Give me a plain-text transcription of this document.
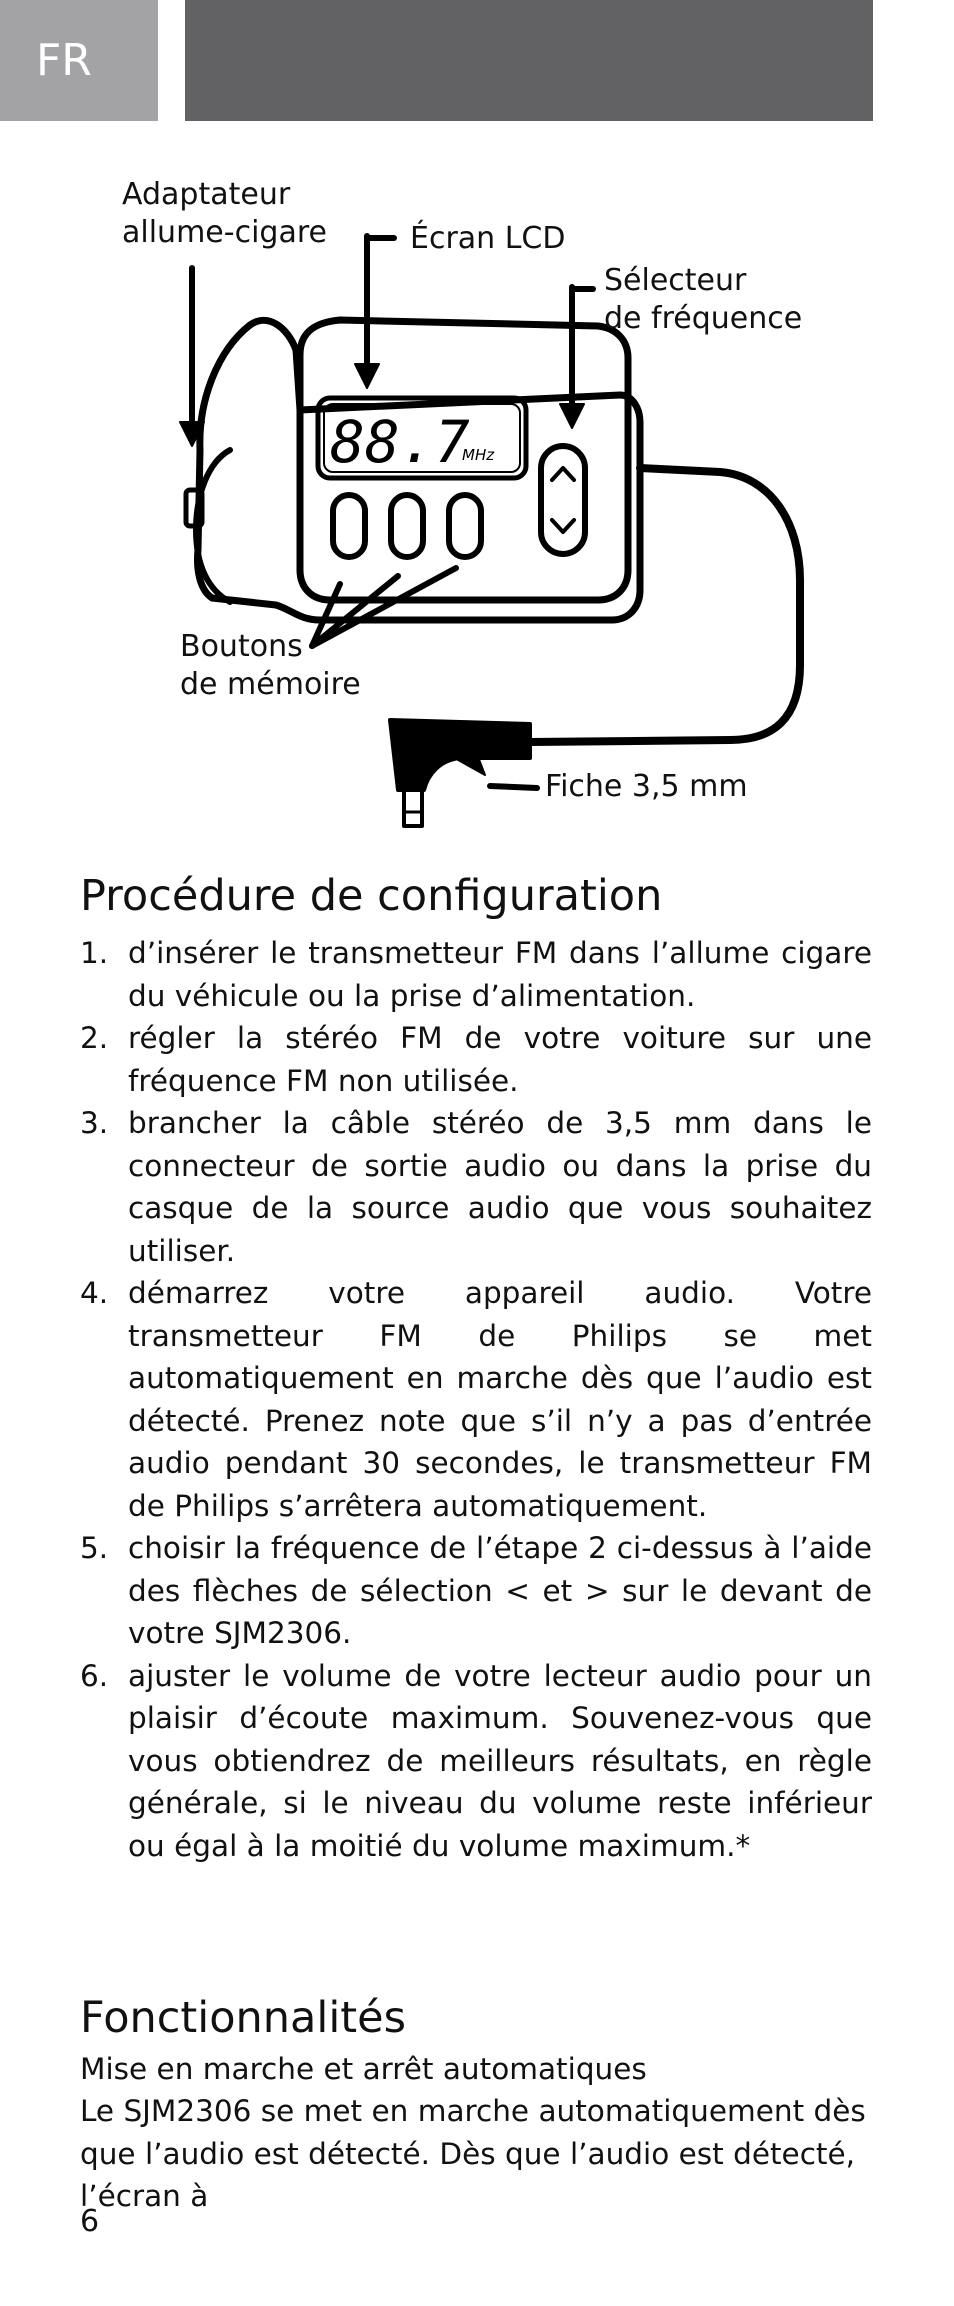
FR
88.7
MHz
Adaptateur
allume-cigare	Écran LCD
Sélecteur
de fréquence
Boutons
de mémoire
Fiche 3,5 mm
Procédure de configuration
1. d’insérer le transmetteur FM dans l’allume cigare du véhicule ou la prise d’alimentation.
2. régler la stéréo FM de votre voiture sur une fréquence FM non utilisée.
3. brancher la câble stéréo de 3,5 mm dans le connecteur de sortie audio ou dans la prise du casque de la source audio que vous souhaitez utiliser.
4. démarrez votre appareil audio. Votre transmetteur FM de Philips se met automatiquement en marche dès que l’audio est détecté. Prenez note que s’il n’y a pas d’entrée audio pendant 30 secondes, le transmetteur FM de Philips s’arrêtera automatiquement.
5. choisir la fréquence de l’étape 2 ci-dessus à l’aide des flèches de sélection < et > sur le devant de votre SJM2306.
6. ajuster le volume de votre lecteur audio pour un plaisir d’écoute maximum. Souvenez-vous que vous obtiendrez de meilleurs résultats, en règle générale, si le niveau du volume reste inférieur ou égal à la moitié du volume maximum.*
Fonctionnalités

Mise en marche et arrêt automatiques

Le SJM2306 se met en marche automatiquement dès que l’audio est détecté. Dès que l’audio est détecté, l’écran à

6
